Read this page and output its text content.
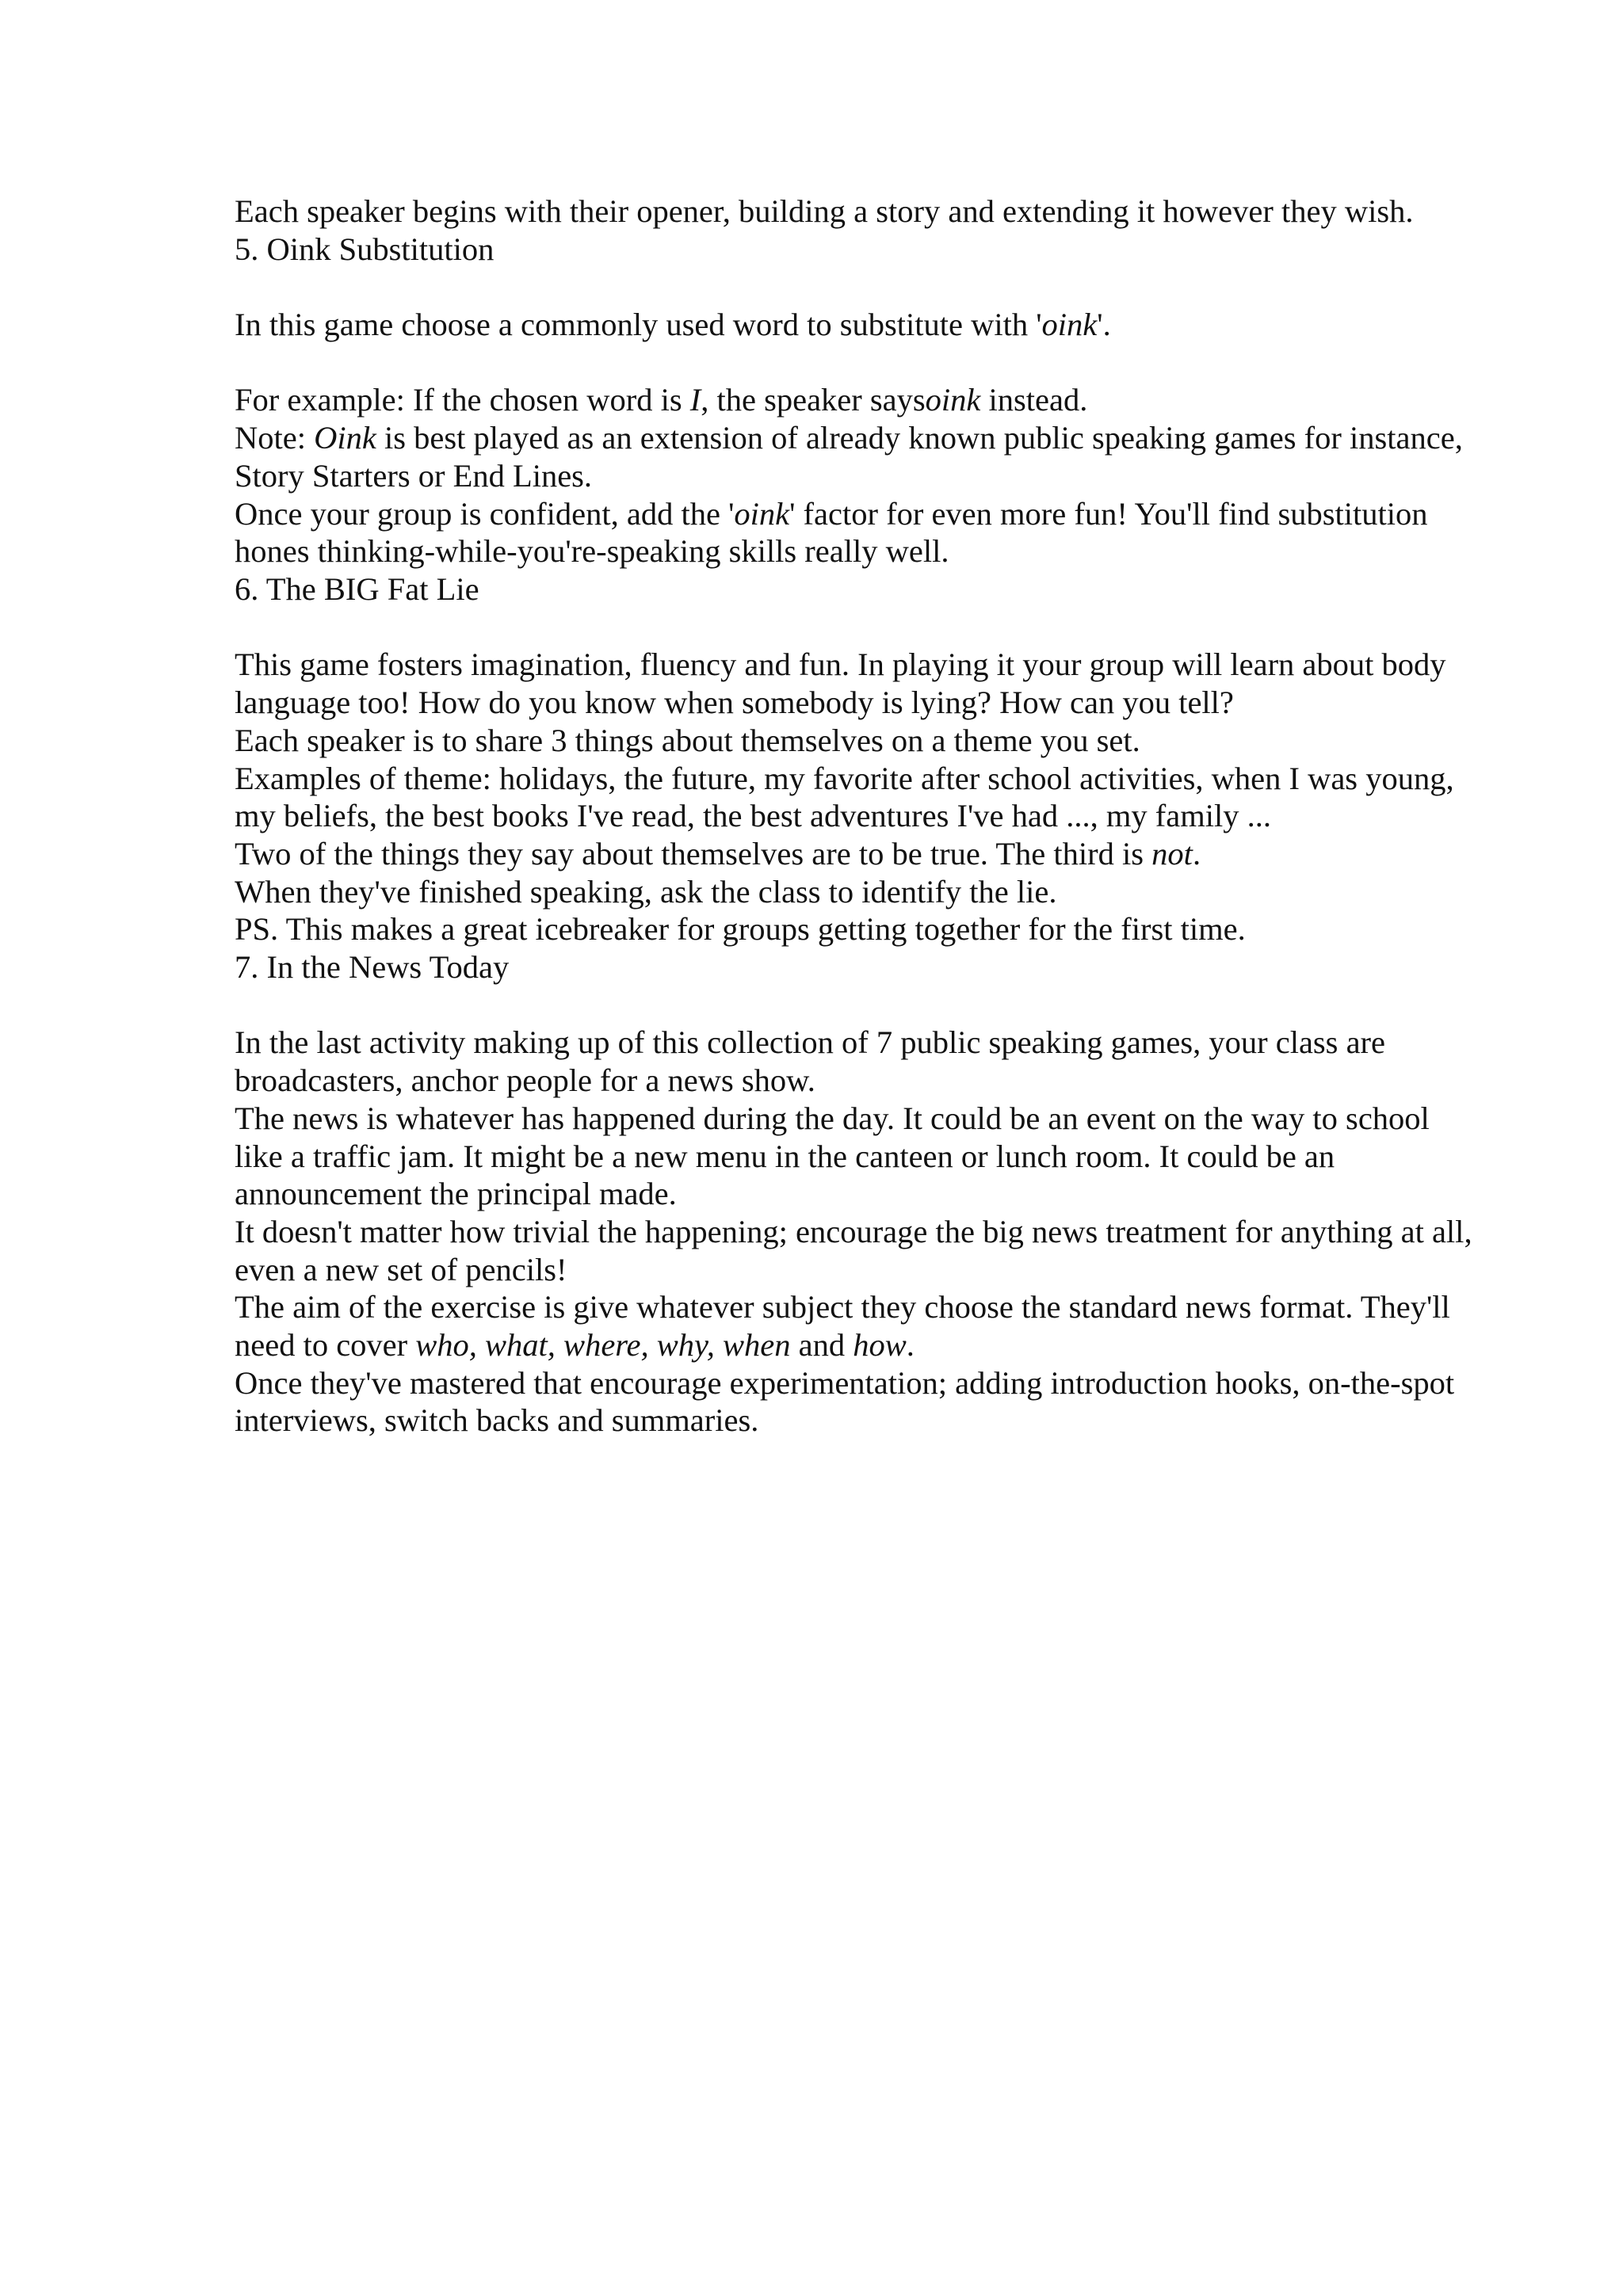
Each speaker begins with their opener, building a story and extending it however they wish.
5. Oink Substitution
In this game choose a commonly used word to substitute with 'oink'.
For example: If the chosen word is I, the speaker saysoink instead.
Note: Oink is best played as an extension of already known public speaking games for instance,
Story Starters or End Lines.
Once your group is confident, add the 'oink' factor for even more fun! You'll find substitution
hones thinking-while-you're-speaking skills really well.
6. The BIG Fat Lie
This game fosters imagination, fluency and fun. In playing it your group will learn about body
language too! How do you know when somebody is lying? How can you tell?
Each speaker is to share 3 things about themselves on a theme you set.
Examples of theme: holidays, the future, my favorite after school activities, when I was young,
my beliefs, the best books I've read, the best adventures I've had ..., my family ...
Two of the things they say about themselves are to be true. The third is not.
When they've finished speaking, ask the class to identify the lie.
PS. This makes a great icebreaker for groups getting together for the first time.
7. In the News Today
In the last activity making up of this collection of 7 public speaking games, your class are
broadcasters, anchor people for a news show.
The news is whatever has happened during the day. It could be an event on the way to school
like a traffic jam. It might be a new menu in the canteen or lunch room. It could be an
announcement the principal made.
It doesn't matter how trivial the happening; encourage the big news treatment for anything at all,
even a new set of pencils!
The aim of the exercise is give whatever subject they choose the standard news format. They'll
need to cover who, what, where, why, when and how.
Once they've mastered that encourage experimentation; adding introduction hooks, on-the-spot
interviews, switch backs and summaries.
